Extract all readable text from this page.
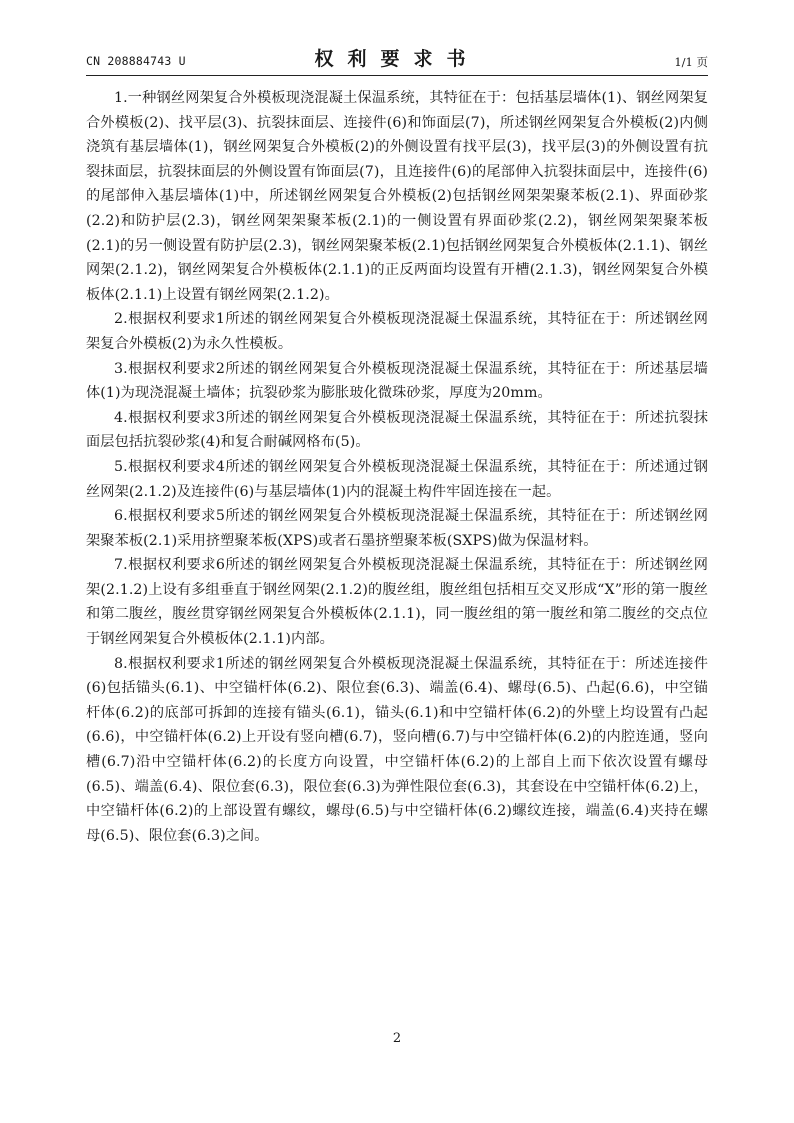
CN 208884743 U	权利要求书	1/1 页

1.一种钢丝网架复合外模板现浇混凝土保温系统，其特征在于：包括基层墙体(1)、钢丝网架复合外模板(2)、找平层(3)、抗裂抹面层、连接件(6)和饰面层(7)，所述钢丝网架复合外模板(2)内侧浇筑有基层墙体(1)，钢丝网架复合外模板(2)的外侧设置有找平层(3)，找平层(3)的外侧设置有抗裂抹面层，抗裂抹面层的外侧设置有饰面层(7)，且连接件(6)的尾部伸入抗裂抹面层中，连接件(6)的尾部伸入基层墙体(1)中，所述钢丝网架复合外模板(2)包括钢丝网架架聚苯板(2.1)、界面砂浆(2.2)和防护层(2.3)，钢丝网架架聚苯板(2.1)的一侧设置有界面砂浆(2.2)，钢丝网架架聚苯板(2.1)的另一侧设置有防护层(2.3)，钢丝网架聚苯板(2.1)包括钢丝网架复合外模板体(2.1.1)、钢丝网架(2.1.2)，钢丝网架复合外模板体(2.1.1)的正反两面均设置有开槽(2.1.3)，钢丝网架复合外模板体(2.1.1)上设置有钢丝网架(2.1.2)。

2.根据权利要求1所述的钢丝网架复合外模板现浇混凝土保温系统，其特征在于：所述钢丝网架复合外模板(2)为永久性模板。

3.根据权利要求2所述的钢丝网架复合外模板现浇混凝土保温系统，其特征在于：所述基层墙体(1)为现浇混凝土墙体；抗裂砂浆为膨胀玻化微珠砂浆，厚度为20mm。

4.根据权利要求3所述的钢丝网架复合外模板现浇混凝土保温系统，其特征在于：所述抗裂抹面层包括抗裂砂浆(4)和复合耐碱网格布(5)。

5.根据权利要求4所述的钢丝网架复合外模板现浇混凝土保温系统，其特征在于：所述通过钢丝网架(2.1.2)及连接件(6)与基层墙体(1)内的混凝土构件牢固连接在一起。

6.根据权利要求5所述的钢丝网架复合外模板现浇混凝土保温系统，其特征在于：所述钢丝网架聚苯板(2.1)采用挤塑聚苯板(XPS)或者石墨挤塑聚苯板(SXPS)做为保温材料。

7.根据权利要求6所述的钢丝网架复合外模板现浇混凝土保温系统，其特征在于：所述钢丝网架(2.1.2)上设有多组垂直于钢丝网架(2.1.2)的腹丝组，腹丝组包括相互交叉形成“X”形的第一腹丝和第二腹丝，腹丝贯穿钢丝网架复合外模板体(2.1.1)，同一腹丝组的第一腹丝和第二腹丝的交点位于钢丝网架复合外模板体(2.1.1)内部。

8.根据权利要求1所述的钢丝网架复合外模板现浇混凝土保温系统，其特征在于：所述连接件(6)包括锚头(6.1)、中空锚杆体(6.2)、限位套(6.3)、端盖(6.4)、螺母(6.5)、凸起(6.6)，中空锚杆体(6.2)的底部可拆卸的连接有锚头(6.1)，锚头(6.1)和中空锚杆体(6.2)的外壁上均设置有凸起(6.6)，中空锚杆体(6.2)上开设有竖向槽(6.7)，竖向槽(6.7)与中空锚杆体(6.2)的内腔连通，竖向槽(6.7)沿中空锚杆体(6.2)的长度方向设置，中空锚杆体(6.2)的上部自上而下依次设置有螺母(6.5)、端盖(6.4)、限位套(6.3)，限位套(6.3)为弹性限位套(6.3)，其套设在中空锚杆体(6.2)上，中空锚杆体(6.2)的上部设置有螺纹，螺母(6.5)与中空锚杆体(6.2)螺纹连接，端盖(6.4)夹持在螺母(6.5)、限位套(6.3)之间。

2
